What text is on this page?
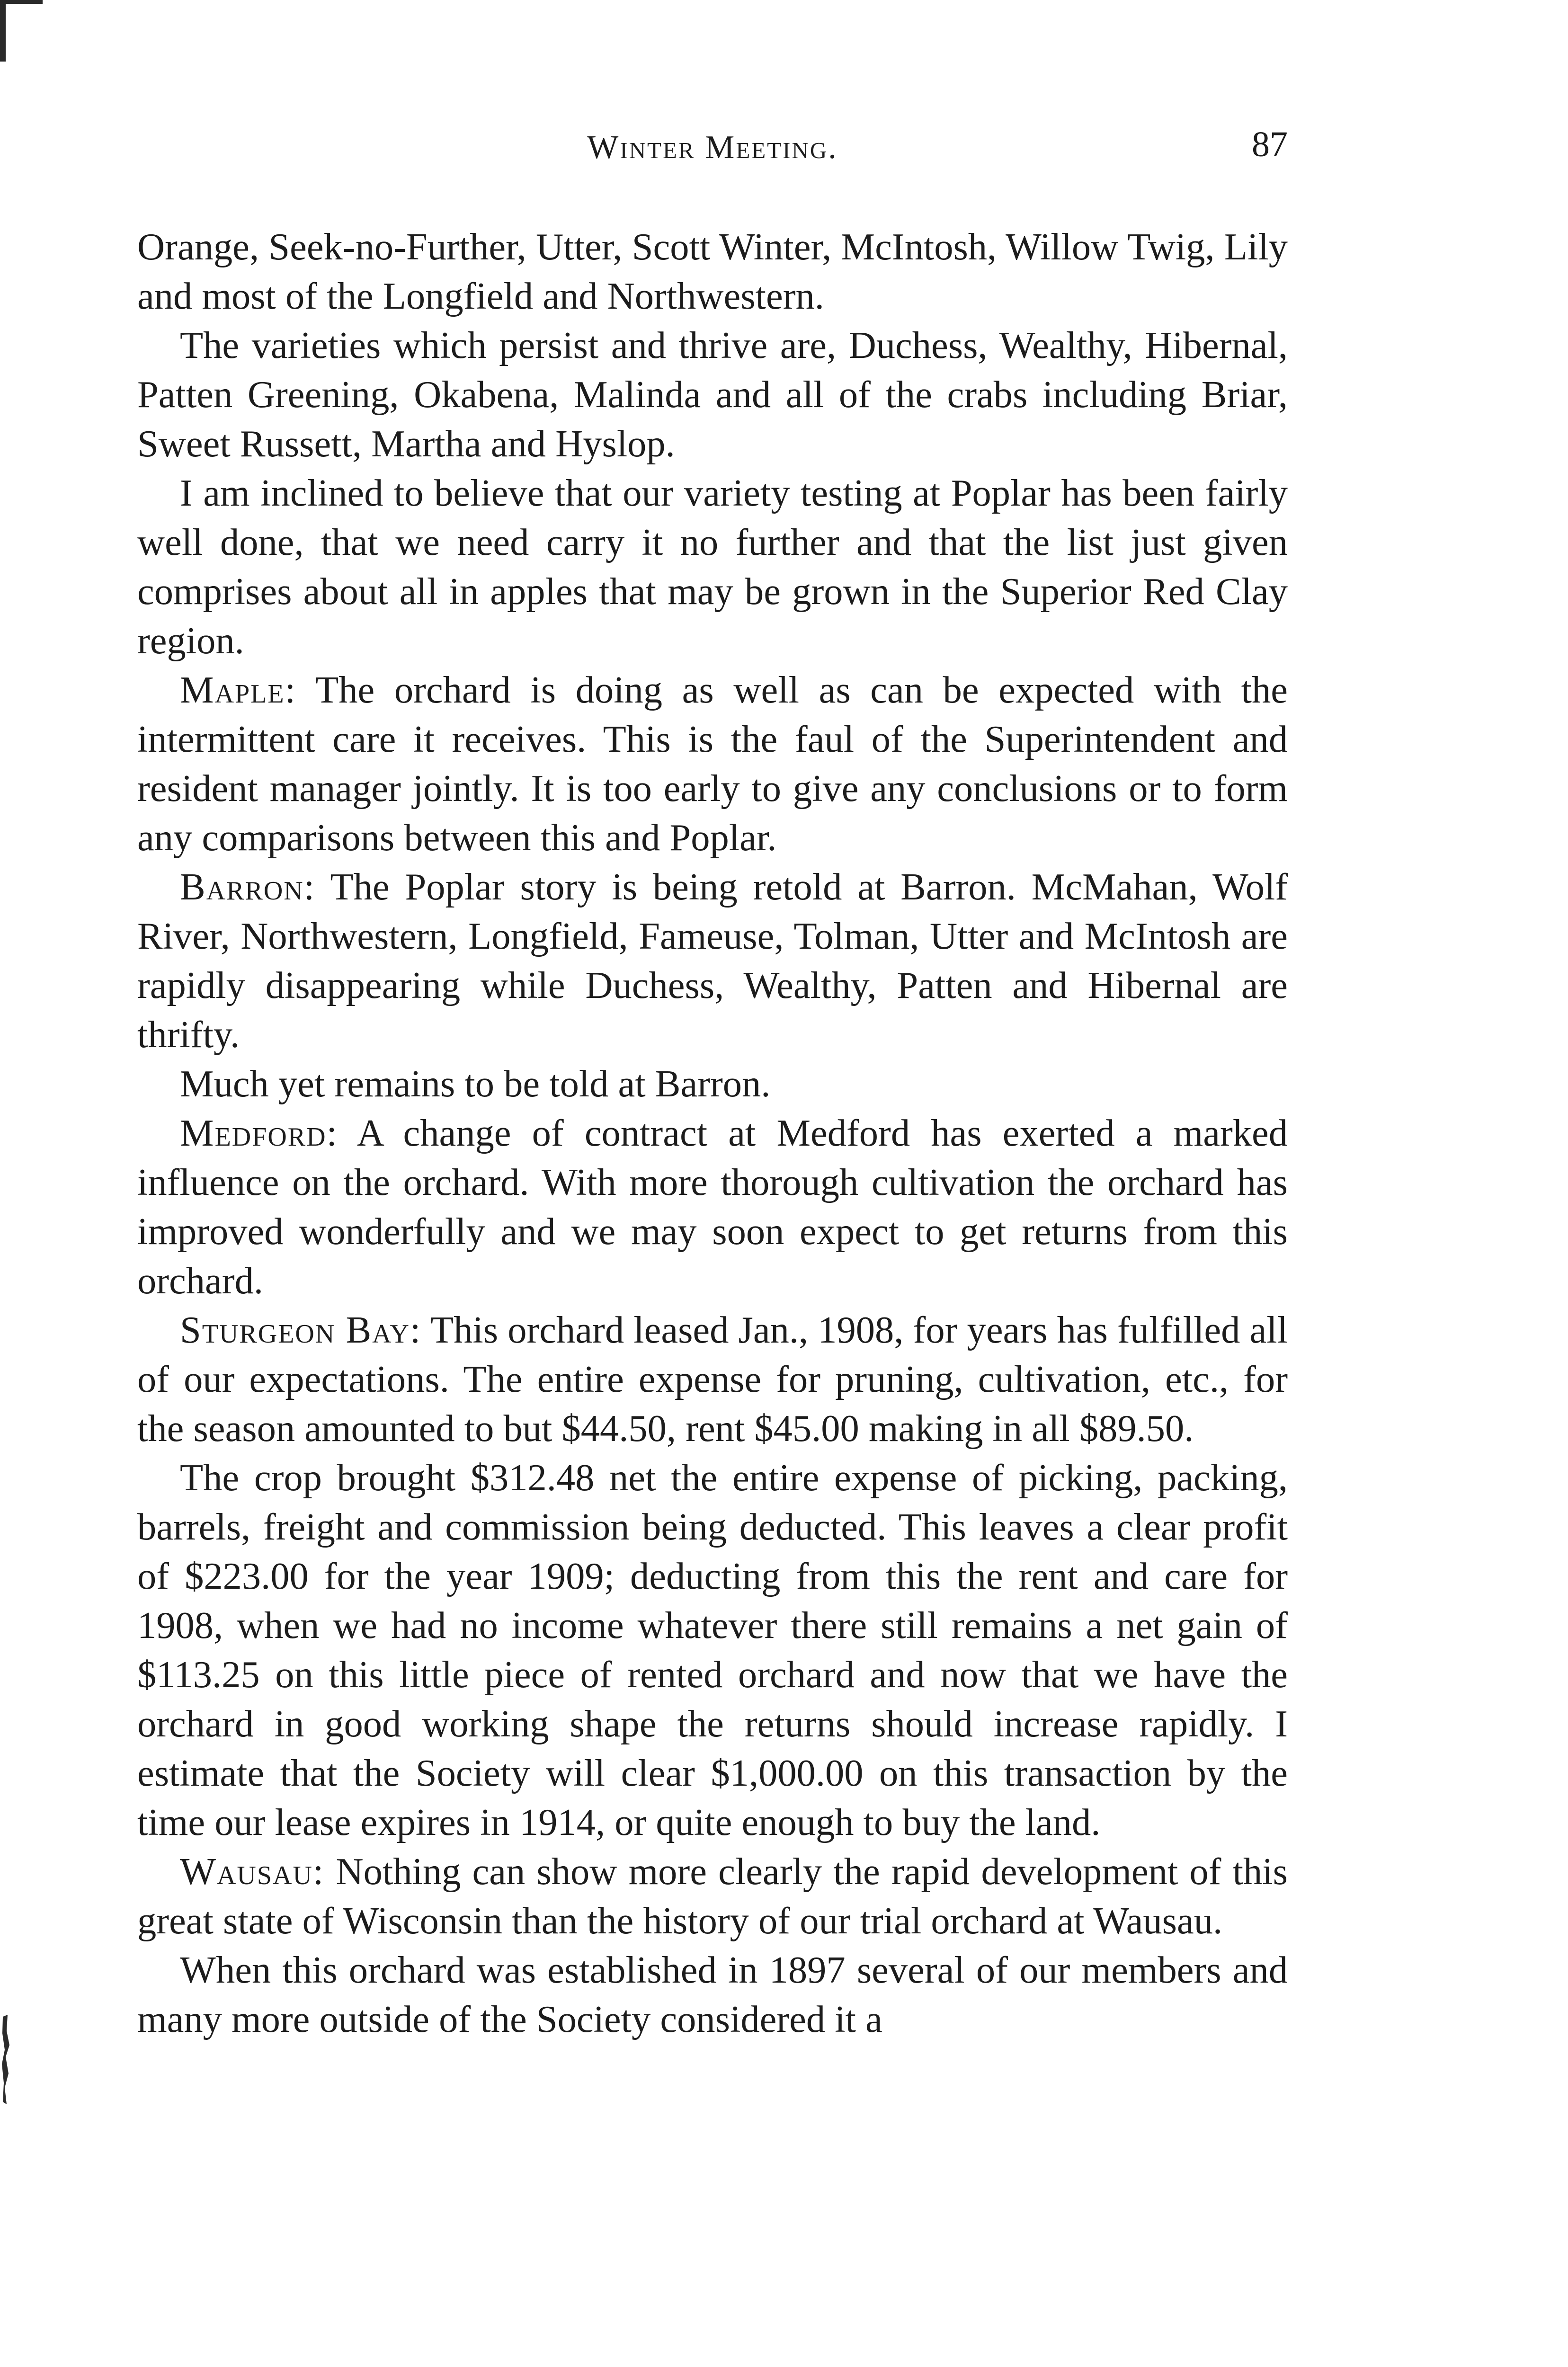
Winter Meeting.	87

Orange, Seek-no-Further, Utter, Scott Winter, McIntosh, Willow Twig, Lily and most of the Longfield and Northwestern.

The varieties which persist and thrive are, Duchess, Wealthy, Hibernal, Patten Greening, Okabena, Malinda and all of the crabs including Briar, Sweet Russett, Martha and Hyslop.

I am inclined to believe that our variety testing at Poplar has been fairly well done, that we need carry it no further and that the list just given comprises about all in apples that may be grown in the Superior Red Clay region.

Maple: The orchard is doing as well as can be expected with the intermittent care it receives. This is the faul of the Superintendent and resident manager jointly. It is too early to give any conclusions or to form any comparisons between this and Poplar.

Barron: The Poplar story is being retold at Barron. McMahan, Wolf River, Northwestern, Longfield, Fameuse, Tolman, Utter and McIntosh are rapidly disappearing while Duchess, Wealthy, Patten and Hibernal are thrifty.

Much yet remains to be told at Barron.

Medford: A change of contract at Medford has exerted a marked influence on the orchard. With more thorough cultivation the orchard has improved wonderfully and we may soon expect to get returns from this orchard.

Sturgeon Bay: This orchard leased Jan., 1908, for years has fulfilled all of our expectations. The entire expense for pruning, cultivation, etc., for the season amounted to but $44.50, rent $45.00 making in all $89.50.

The crop brought $312.48 net the entire expense of picking, packing, barrels, freight and commission being deducted. This leaves a clear profit of $223.00 for the year 1909; deducting from this the rent and care for 1908, when we had no income whatever there still remains a net gain of $113.25 on this little piece of rented orchard and now that we have the orchard in good working shape the returns should increase rapidly. I estimate that the Society will clear $1,000.00 on this transaction by the time our lease expires in 1914, or quite enough to buy the land.

Wausau: Nothing can show more clearly the rapid development of this great state of Wisconsin than the history of our trial orchard at Wausau.

When this orchard was established in 1897 several of our members and many more outside of the Society considered it a
